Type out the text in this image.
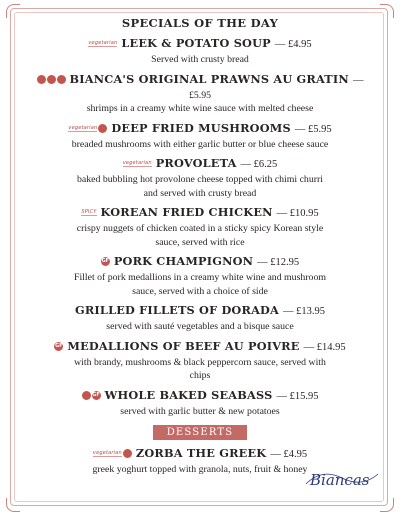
SPECIALS OF THE DAY
vegetarian LEEK & POTATO SOUP — £4.95
Served with crusty bread
BIANCA'S ORIGINAL PRAWNS AU GRATIN —
£5.95
shrimps in a creamy white wine sauce with melted cheese
vegetarian DEEP FRIED MUSHROOMS — £5.95
breaded mushrooms with either garlic butter or blue cheese sauce
vegetarian PROVOLETA — £6.25
baked bubbling hot provolone cheese topped with chimi churri
and served with crusty bread
SPICY KOREAN FRIED CHICKEN — £10.95
crispy nuggets of chicken coated in a sticky spicy Korean style
sauce, served with rice
GF PORK CHAMPIGNON — £12.95
Fillet of pork medallions in a creamy white wine and mushroom
sauce, served with a choice of side
GRILLED FILLETS OF DORADA — £13.95
served with sauté vegetables and a bisque sauce
GF MEDALLIONS OF BEEF AU POIVRE — £14.95
with brandy, mushrooms & black peppercorn sauce, served with
chips
GF WHOLE BAKED SEABASS — £15.95
served with garlic butter & new potatoes
DESSERTS
vegetarian ZORBA THE GREEK — £4.95
greek yoghurt topped with granola, nuts, fruit & honey
Biancas
